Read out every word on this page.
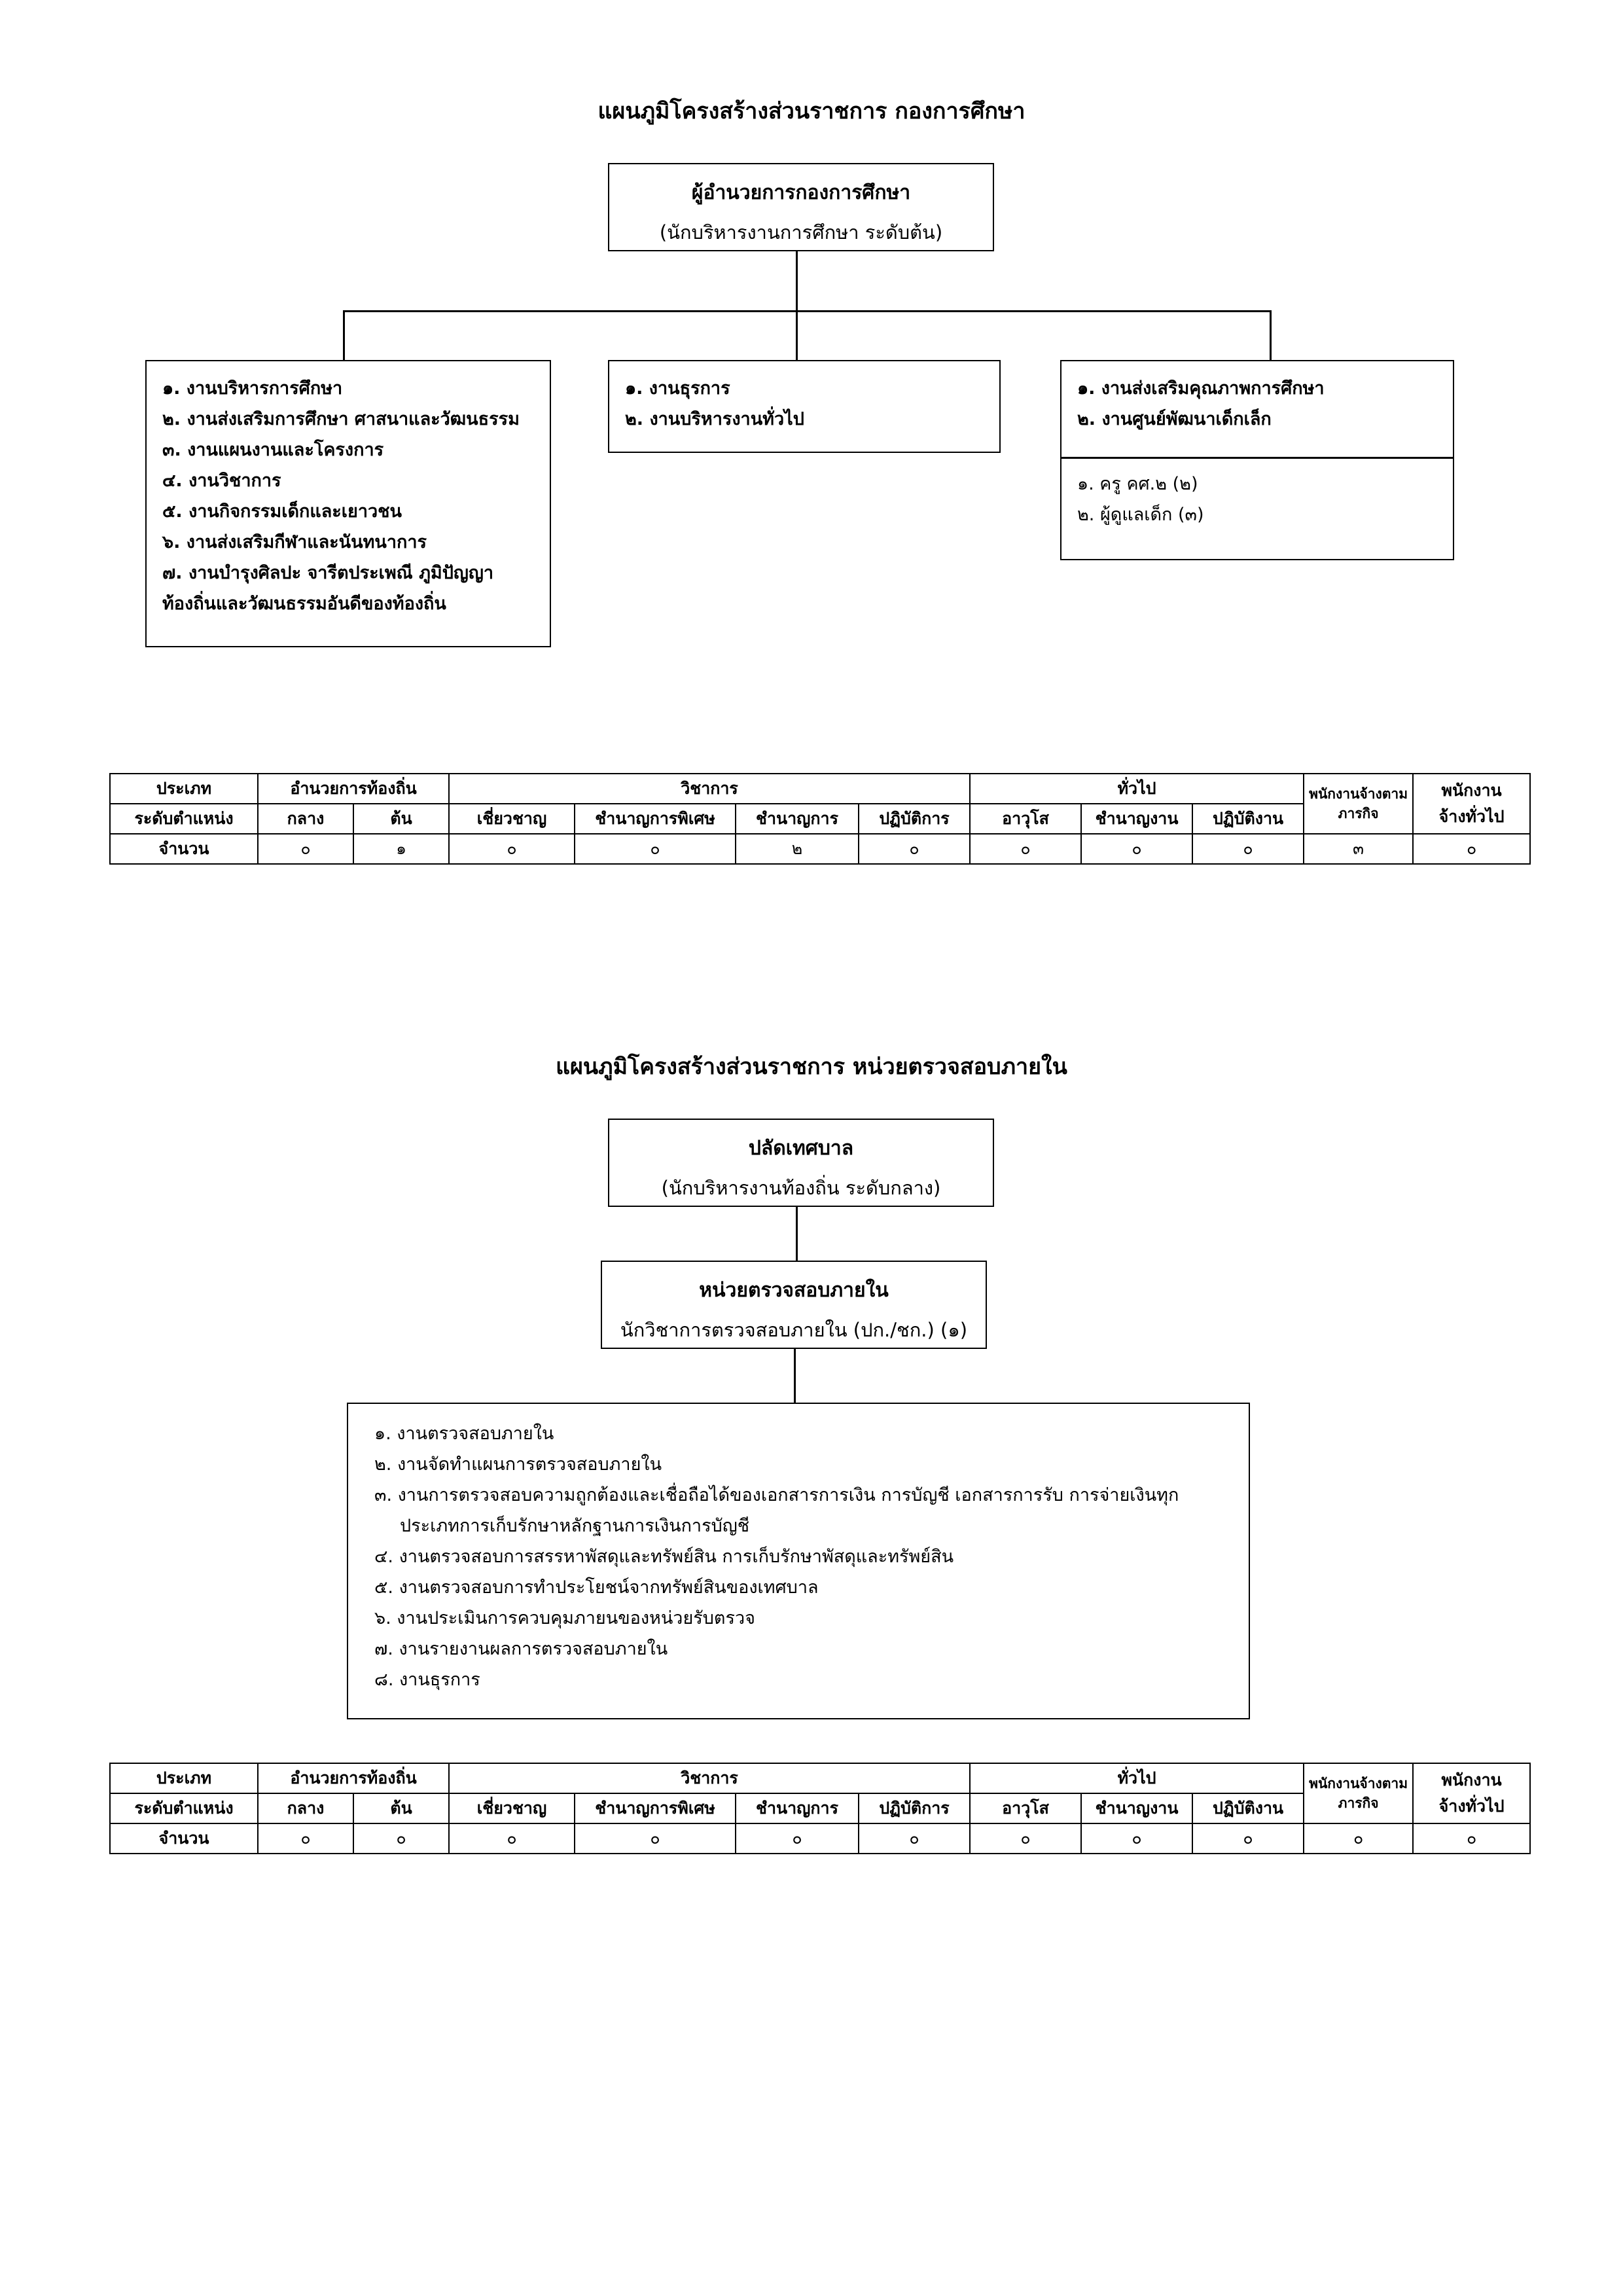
แผนภูมิโครงสร้างส่วนราชการ กองการศึกษา
ผู้อำนวยการกองการศึกษา
(นักบริหารงานการศึกษา ระดับต้น)
๑. งานบริหารการศึกษา
๒. งานส่งเสริมการศึกษา ศาสนาและวัฒนธรรม
๓. งานแผนงานและโครงการ
๔. งานวิชาการ
๕. งานกิจกรรมเด็กและเยาวชน
๖. งานส่งเสริมกีฬาและนันทนาการ
๗. งานบำรุงศิลปะ จารีตประเพณี ภูมิปัญญา
ท้องถิ่นและวัฒนธรรมอันดีของท้องถิ่น
๑. งานธุรการ
๒. งานบริหารงานทั่วไป
๑. งานส่งเสริมคุณภาพการศึกษา
๒. งานศูนย์พัฒนาเด็กเล็ก
๑. ครู คศ.๒ (๒)
๒. ผู้ดูแลเด็ก (๓)
ประเภท	อำนวยการท้องถิ่น		วิชาการ				ทั่วไป			พนักงานจ้างตามภารกิจ	พนักงาน
จ้างทั่วไป
ระดับตำแหน่ง	กลาง	ต้น	เชี่ยวชาญ	ชำนาญการพิเศษ	ชำนาญการ	ปฏิบัติการ	อาวุโส	ชำนาญงาน	ปฏิบัติงาน		
จำนวน	๐	๑	๐	๐	๒	๐	๐	๐	๐	๓	๐
แผนภูมิโครงสร้างส่วนราชการ หน่วยตรวจสอบภายใน
ปลัดเทศบาล
(นักบริหารงานท้องถิ่น ระดับกลาง)
หน่วยตรวจสอบภายใน
นักวิชาการตรวจสอบภายใน (ปก./ชก.) (๑)
๑. งานตรวจสอบภายใน
๒. งานจัดทำแผนการตรวจสอบภายใน
๓. งานการตรวจสอบความถูกต้องและเชื่อถือได้ของเอกสารการเงิน การบัญชี เอกสารการรับ การจ่ายเงินทุก
ประเภทการเก็บรักษาหลักฐานการเงินการบัญชี
๔. งานตรวจสอบการสรรหาพัสดุและทรัพย์สิน การเก็บรักษาพัสดุและทรัพย์สิน
๕. งานตรวจสอบการทำประโยชน์จากทรัพย์สินของเทศบาล
๖. งานประเมินการควบคุมภายนของหน่วยรับตรวจ
๗. งานรายงานผลการตรวจสอบภายใน
๘. งานธุรการ
ประเภท	อำนวยการท้องถิ่น		วิชาการ				ทั่วไป			พนักงานจ้างตามภารกิจ	พนักงาน
จ้างทั่วไป
ระดับตำแหน่ง	กลาง	ต้น	เชี่ยวชาญ	ชำนาญการพิเศษ	ชำนาญการ	ปฏิบัติการ	อาวุโส	ชำนาญงาน	ปฏิบัติงาน		
จำนวน	๐	๐	๐	๐	๐	๐	๐	๐	๐	๐	๐
